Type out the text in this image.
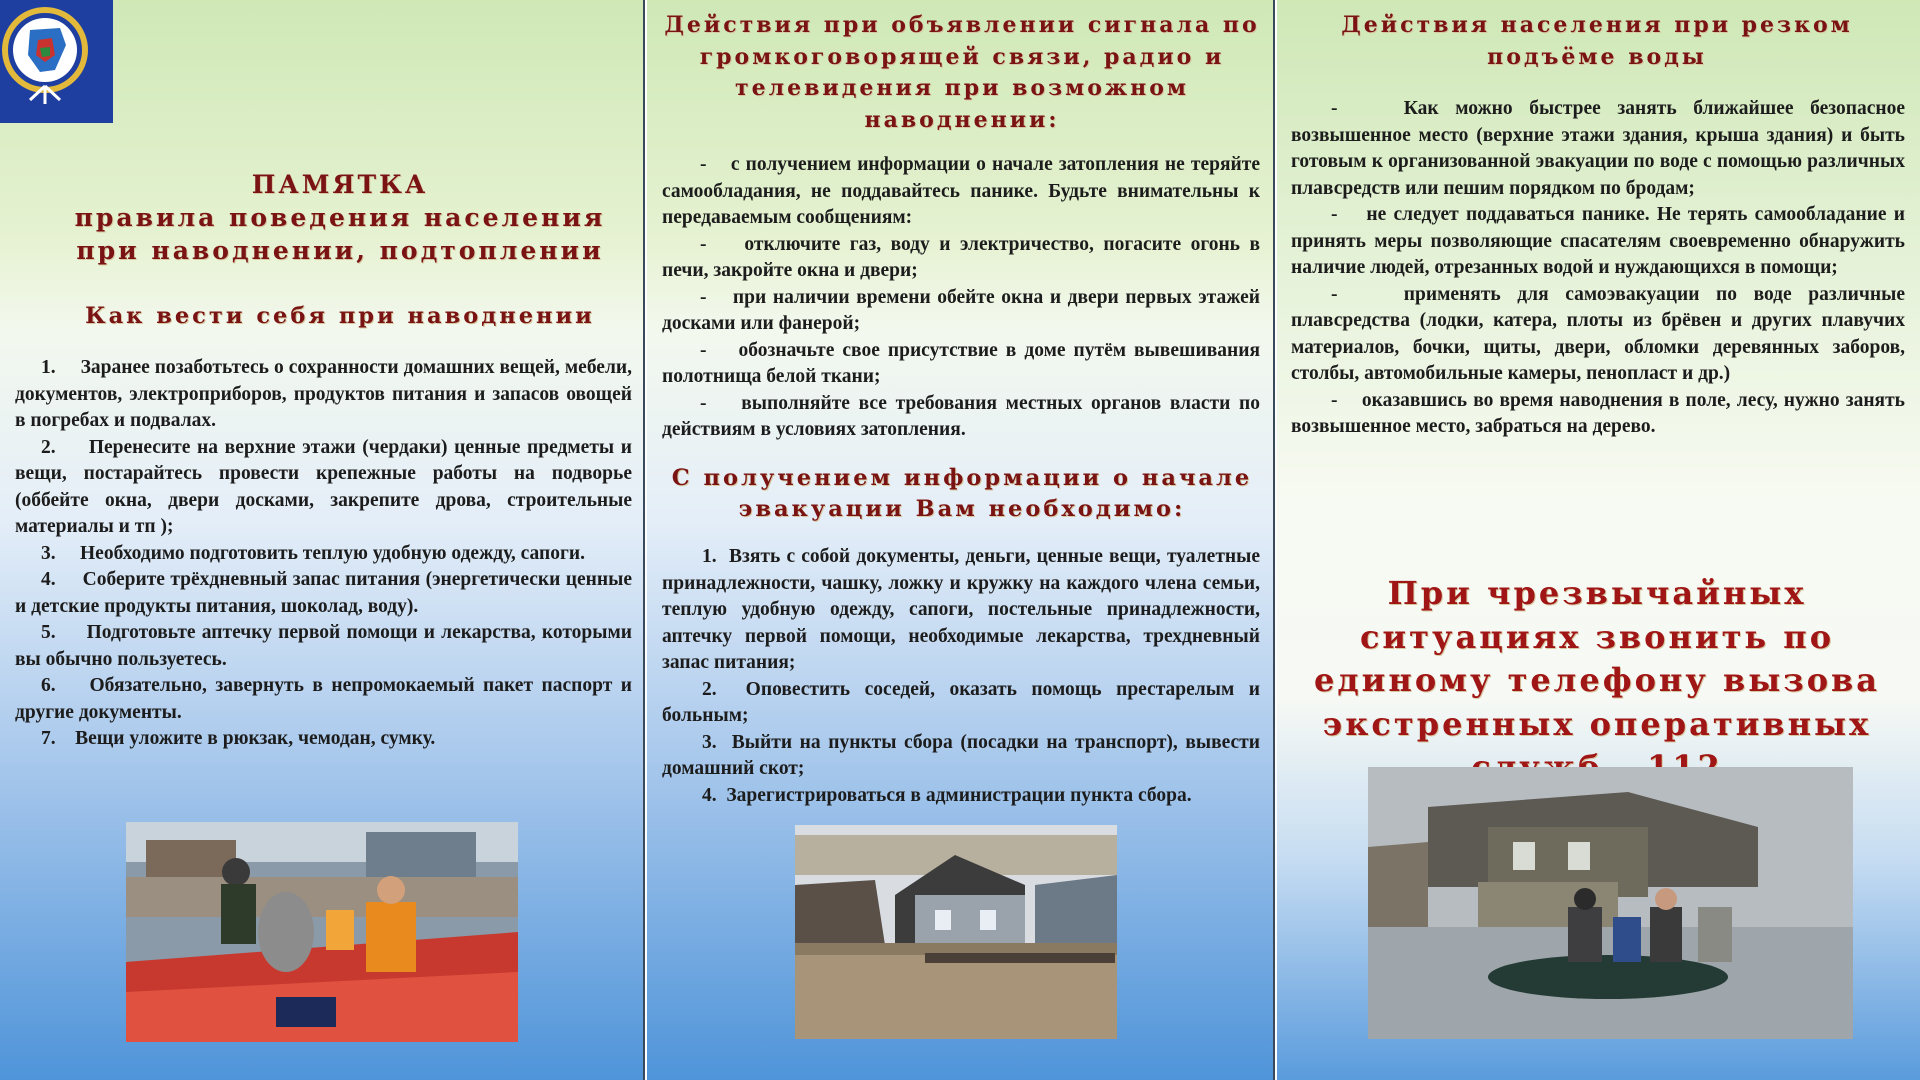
ПАМЯТКА
правила поведения населения при наводнении, подтоплении
Как вести себя при наводнении

1. Заранее позаботьтесь о сохранности домашних вещей, мебели, документов, электроприборов, продуктов питания и запасов овощей в погребах и подвалах.

2. Перенесите на верхние этажи (чердаки) ценные предметы и вещи, постарайтесь провести крепежные работы на подворье (оббейте окна, двери досками, закрепите дрова, строительные материалы и тп );

3. Необходимо подготовить теплую удобную одежду, сапоги.

4. Соберите трёхдневный запас питания (энергетически ценные и детские продукты питания, шоколад, воду).

5. Подготовьте аптечку первой помощи и лекарства, которыми вы обычно пользуетесь.

6. Обязательно, завернуть в непромокаемый пакет паспорт и другие документы.

7. Вещи уложите в рюкзак, чемодан, сумку.

Действия при объявлении сигнала по громкоговорящей связи, радио и телевидения при возможном наводнении:

- с получением информации о начале затопления не теряйте самообладания, не поддавайтесь панике. Будьте внимательны к передаваемым сообщениям:

- отключите газ, воду и электричество, погасите огонь в печи, закройте окна и двери;

- при наличии времени обейте окна и двери первых этажей досками или фанерой;

- обозначьте свое присутствие в доме путём вывешивания полотнища белой ткани;

- выполняйте все требования местных органов власти по действиям в условиях затопления.

С получением информации о начале эвакуации Вам необходимо:

1. Взять с собой документы, деньги, ценные вещи, туалетные принадлежности, чашку, ложку и кружку на каждого члена семьи, теплую удобную одежду, сапоги, постельные принадлежности, аптечку первой помощи, необходимые лекарства, трехдневный запас питания;

2. Оповестить соседей, оказать помощь престарелым и больным;

3. Выйти на пункты сбора (посадки на транспорт), вывести домашний скот;

4. Зарегистрироваться в администрации пункта сбора.

Действия населения при резком подъёме воды

-	Как можно быстрее занять ближайшее безопасное возвышенное место (верхние этажи здания, крыша здания) и быть готовым к организованной эвакуации по воде с помощью различных плавсредств или пешим порядком по бродам;

- не следует поддаваться панике. Не терять самообладание и принять меры позволяющие спасателям своевременно обнаружить наличие людей, отрезанных водой и нуждающихся в помощи;

-	применять для самоэвакуации по воде различные плавсредства (лодки, катера, плоты из брёвен и других плавучих материалов, бочки, щиты, двери, обломки деревянных заборов, столбы, автомобильные камеры, пенопласт и др.)

- оказавшись во время наводнения в поле, лесу, нужно занять возвышенное место, забраться на дерево.

При чрезвычайных ситуациях звонить по единому телефону вызова экстренных оперативных
